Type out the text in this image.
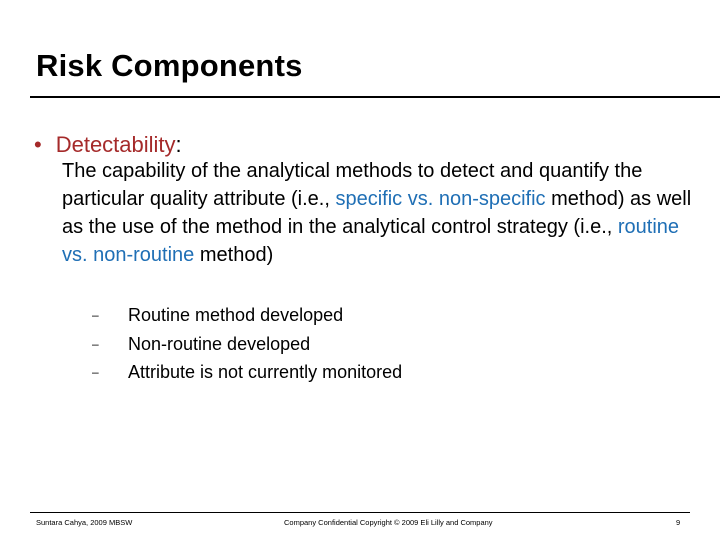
Risk Components
• Detectability:
The capability of the analytical methods to detect and quantify the particular quality attribute (i.e., specific vs. non-specific method) as well as the use of the method in the analytical control strategy (i.e., routine vs. non-routine method)
– Routine method developed
– Non-routine developed
– Attribute is not currently monitored
Suntara Cahya, 2009 MBSW	Company Confidential Copyright © 2009 Eli Lilly and Company	9
